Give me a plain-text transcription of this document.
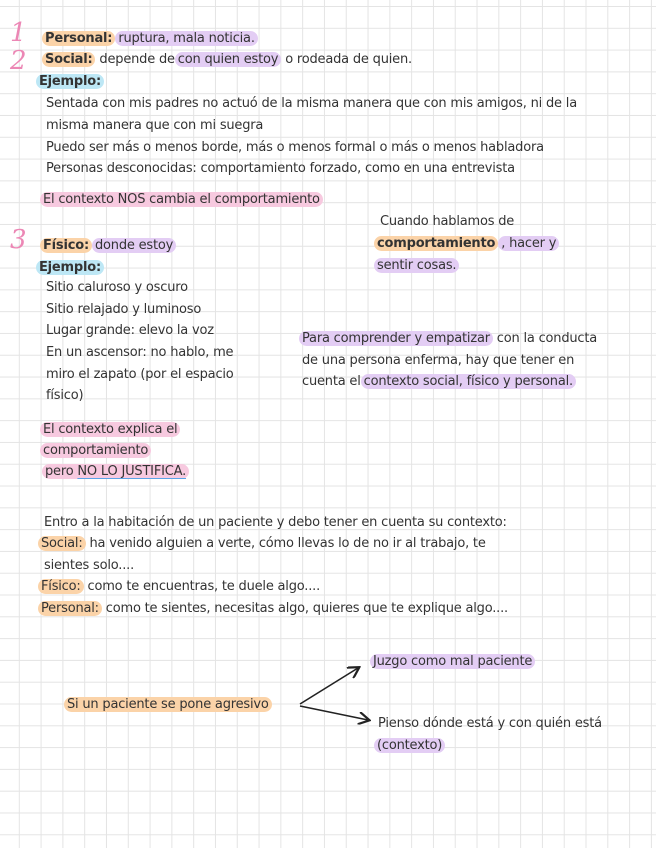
1 Personal: ruptura, mala noticia.
2 Social: depende de con quien estoy o rodeada de quien.
Ejemplo:
Sentada con mis padres no actuó de la misma manera que con mis amigos, ni de la
misma manera que con mi suegra
Puedo ser más o menos borde, más o menos formal o más o menos habladora
Personas desconocidas: comportamiento forzado, como en una entrevista
El contexto NOS cambia el comportamiento
Cuando hablamos de
comportamiento , hacer y
sentir cosas.
3 Físico: donde estoy
Ejemplo:
Sitio caluroso y oscuro
Sitio relajado y luminoso
Lugar grande: elevo la voz
En un ascensor: no hablo, me
miro el zapato (por el espacio
físico)
Para comprender y empatizar con la conducta
de una persona enferma, hay que tener en
cuenta el contexto social, físico y personal.
El contexto explica el
comportamiento
pero NO LO JUSTIFICA.
Entro a la habitación de un paciente y debo tener en cuenta su contexto:
Social: ha venido alguien a verte, cómo llevas lo de no ir al trabajo, te
sientes solo....
Físico: como te encuentras, te duele algo....
Personal: como te sientes, necesitas algo, quieres que te explique algo....
Juzgo como mal paciente
Si un paciente se pone agresivo
Pienso dónde está y con quién está
(contexto)
